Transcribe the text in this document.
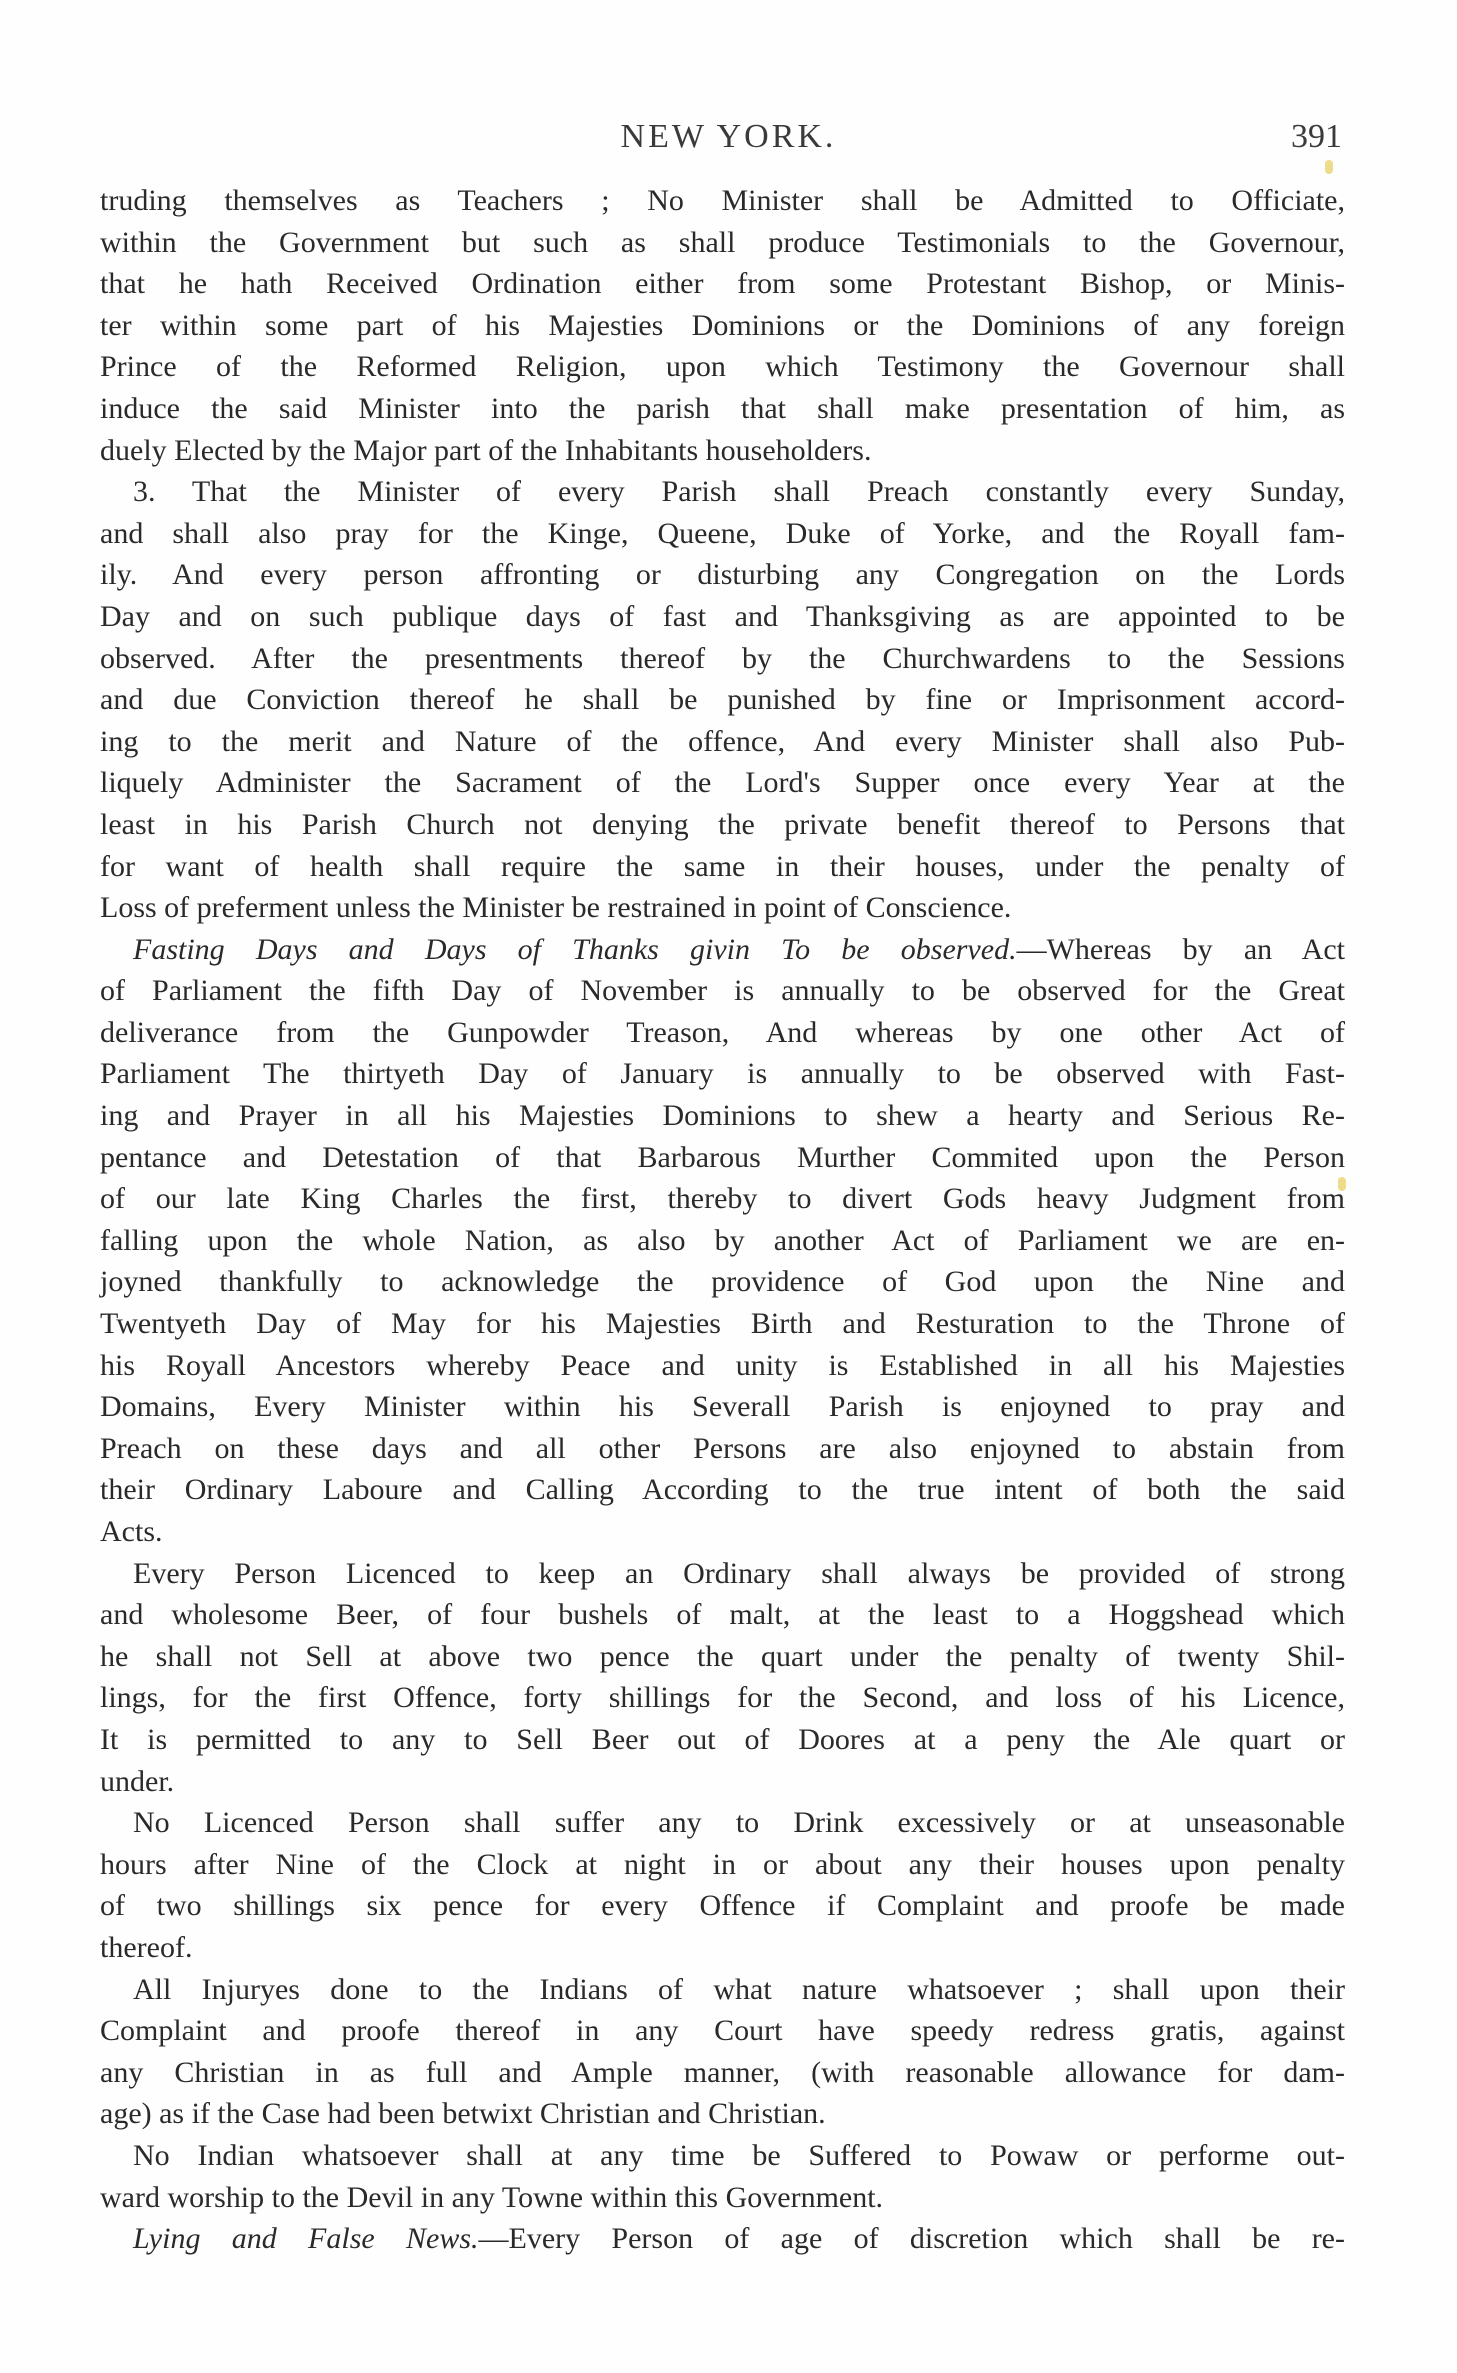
NEW YORK.	391
truding themselves as Teachers ; No Minister shall be Admitted to Officiate,
within the Government but such as shall produce Testimonials to the Governour,
that he hath Received Ordination either from some Protestant Bishop, or Minis-
ter within some part of his Majesties Dominions or the Dominions of any foreign
Prince of the Reformed Religion, upon which Testimony the Governour shall
induce the said Minister into the parish that shall make presentation of him, as
duely Elected by the Major part of the Inhabitants householders.
3. That the Minister of every Parish shall Preach constantly every Sunday,
and shall also pray for the Kinge, Queene, Duke of Yorke, and the Royall fam-
ily. And every person affronting or disturbing any Congregation on the Lords
Day and on such publique days of fast and Thanksgiving as are appointed to be
observed. After the presentments thereof by the Churchwardens to the Sessions
and due Conviction thereof he shall be punished by fine or Imprisonment accord-
ing to the merit and Nature of the offence, And every Minister shall also Pub-
liquely Administer the Sacrament of the Lord's Supper once every Year at the
least in his Parish Church not denying the private benefit thereof to Persons that
for want of health shall require the same in their houses, under the penalty of
Loss of preferment unless the Minister be restrained in point of Conscience.
Fasting Days and Days of Thanks givin To be observed.—Whereas by an Act
of Parliament the fifth Day of November is annually to be observed for the Great
deliverance from the Gunpowder Treason, And whereas by one other Act of
Parliament The thirtyeth Day of January is annually to be observed with Fast-
ing and Prayer in all his Majesties Dominions to shew a hearty and Serious Re-
pentance and Detestation of that Barbarous Murther Commited upon the Person
of our late King Charles the first, thereby to divert Gods heavy Judgment from
falling upon the whole Nation, as also by another Act of Parliament we are en-
joyned thankfully to acknowledge the providence of God upon the Nine and
Twentyeth Day of May for his Majesties Birth and Resturation to the Throne of
his Royall Ancestors whereby Peace and unity is Established in all his Majesties
Domains, Every Minister within his Severall Parish is enjoyned to pray and
Preach on these days and all other Persons are also enjoyned to abstain from
their Ordinary Laboure and Calling According to the true intent of both the said
Acts.
Every Person Licenced to keep an Ordinary shall always be provided of strong
and wholesome Beer, of four bushels of malt, at the least to a Hoggshead which
he shall not Sell at above two pence the quart under the penalty of twenty Shil-
lings, for the first Offence, forty shillings for the Second, and loss of his Licence,
It is permitted to any to Sell Beer out of Doores at a peny the Ale quart or
under.
No Licenced Person shall suffer any to Drink excessively or at unseasonable
hours after Nine of the Clock at night in or about any their houses upon penalty
of two shillings six pence for every Offence if Complaint and proofe be made
thereof.
All Injuryes done to the Indians of what nature whatsoever ; shall upon their
Complaint and proofe thereof in any Court have speedy redress gratis, against
any Christian in as full and Ample manner, (with reasonable allowance for dam-
age) as if the Case had been betwixt Christian and Christian.
No Indian whatsoever shall at any time be Suffered to Powaw or performe out-
ward worship to the Devil in any Towne within this Government.
Lying and False News.—Every Person of age of discretion which shall be re-
